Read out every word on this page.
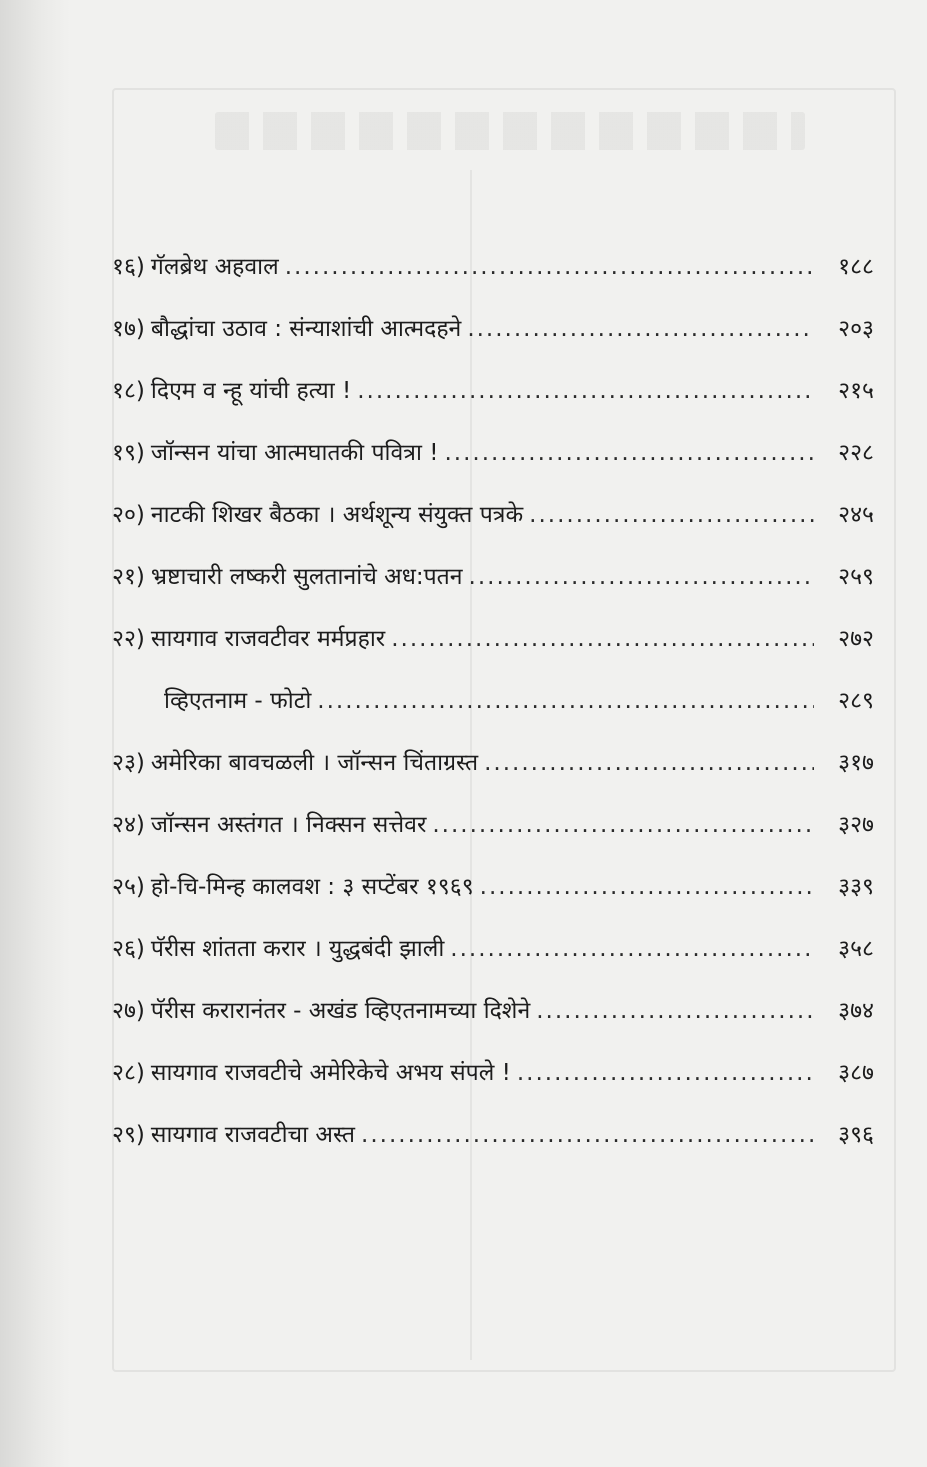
१६) गॅलब्रेथ अहवाल .....	१८८
१७) बौद्धांचा उठाव : संन्याशांची आत्मदहने .....	२०३
१८) दिएम व न्हू यांची हत्या ! .....	२१५
१९) जॉन्सन यांचा आत्मघातकी पवित्रा ! .....	२२८
२०) नाटकी शिखर बैठका । अर्थशून्य संयुक्त पत्रके .....	२४५
२१) भ्रष्टाचारी लष्करी सुलतानांचे अध:पतन .....	२५९
२२) सायगाव राजवटीवर मर्मप्रहार .....	२७२
व्हिएतनाम - फोटो .....	२८९
२३) अमेरिका बावचळली । जॉन्सन चिंताग्रस्त .....	३१७
२४) जॉन्सन अस्तंगत । निक्सन सत्तेवर .....	३२७
२५) हो-चि-मिन्ह कालवश : ३ सप्टेंबर १९६९ .....	३३९
२६) पॅरीस शांतता करार । युद्धबंदी झाली .....	३५८
२७) पॅरीस करारानंतर - अखंड व्हिएतनामच्या दिशेने .....	३७४
२८) सायगाव राजवटीचे अमेरिकेचे अभय संपले ! .....	३८७
२९) सायगाव राजवटीचा अस्त .....	३९६
